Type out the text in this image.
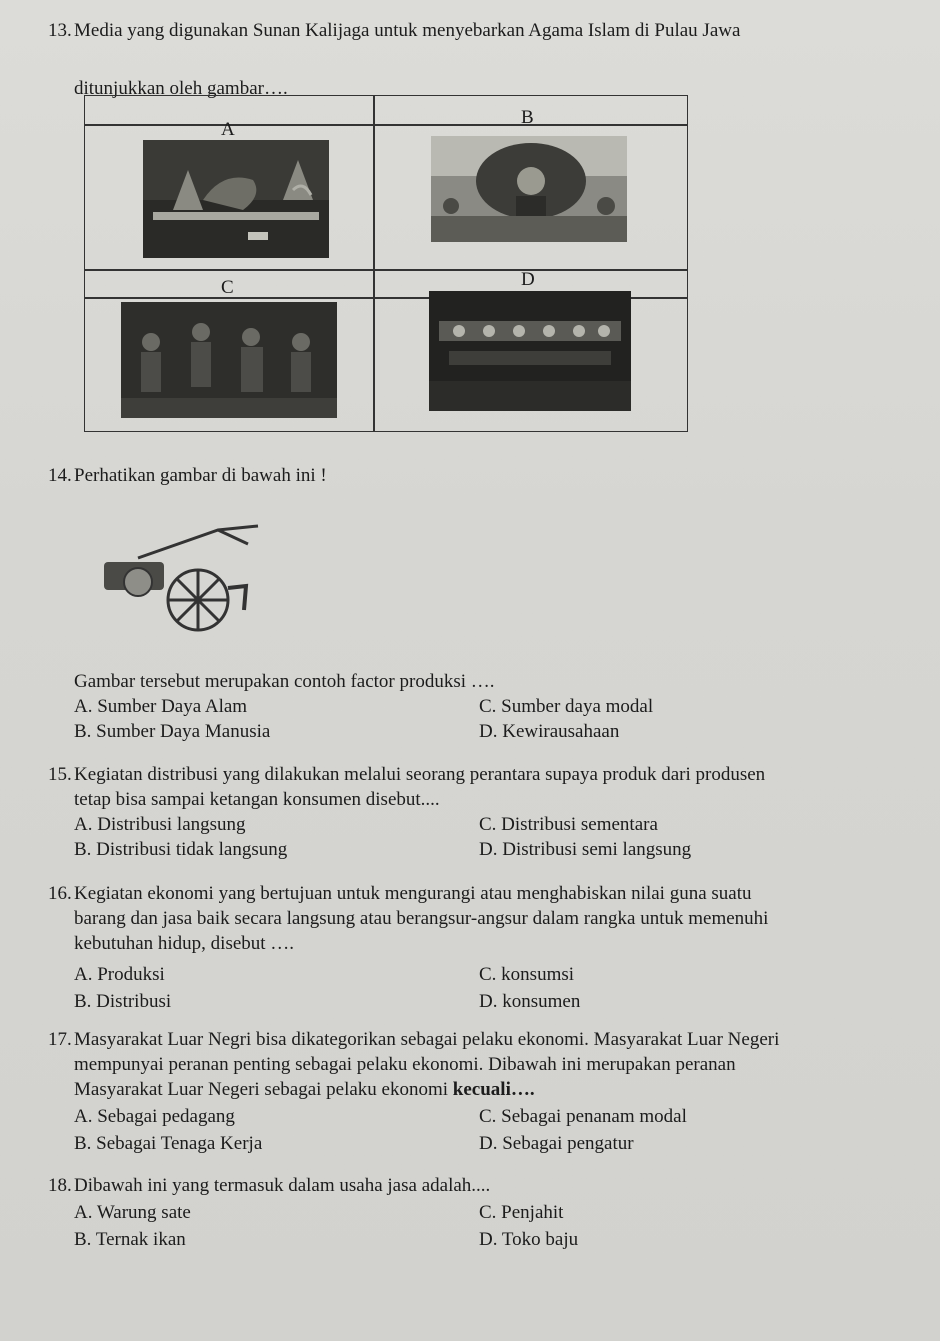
13. Media yang digunakan Sunan Kalijaga untuk menyebarkan Agama Islam di Pulau Jawa
ditunjukkan oleh gambar….
A
B
C	D
14. Perhatikan gambar di bawah ini !
Gambar tersebut merupakan contoh factor produksi ….
A. Sumber Daya Alam	C. Sumber daya modal
B. Sumber Daya Manusia	D. Kewirausahaan
15. Kegiatan distribusi yang dilakukan melalui seorang perantara supaya produk dari produsen
tetap bisa sampai ketangan konsumen disebut....
A. Distribusi langsung	C. Distribusi sementara
B. Distribusi tidak langsung	D. Distribusi semi langsung
16. Kegiatan ekonomi yang bertujuan untuk mengurangi atau menghabiskan nilai guna suatu
barang dan jasa baik secara langsung atau berangsur-angsur dalam rangka untuk memenuhi
kebutuhan hidup, disebut ….
A. Produksi	C. konsumsi
B. Distribusi	D. konsumen
17. Masyarakat Luar Negri bisa dikategorikan sebagai pelaku ekonomi. Masyarakat Luar Negeri
mempunyai peranan penting sebagai pelaku ekonomi. Dibawah ini merupakan peranan
Masyarakat Luar Negeri sebagai pelaku ekonomi kecuali….
A. Sebagai pedagang	C. Sebagai penanam modal
B. Sebagai Tenaga Kerja	D. Sebagai pengatur
18. Dibawah ini yang termasuk dalam usaha jasa adalah....
A. Warung sate	C. Penjahit
B. Ternak ikan	D. Toko baju
